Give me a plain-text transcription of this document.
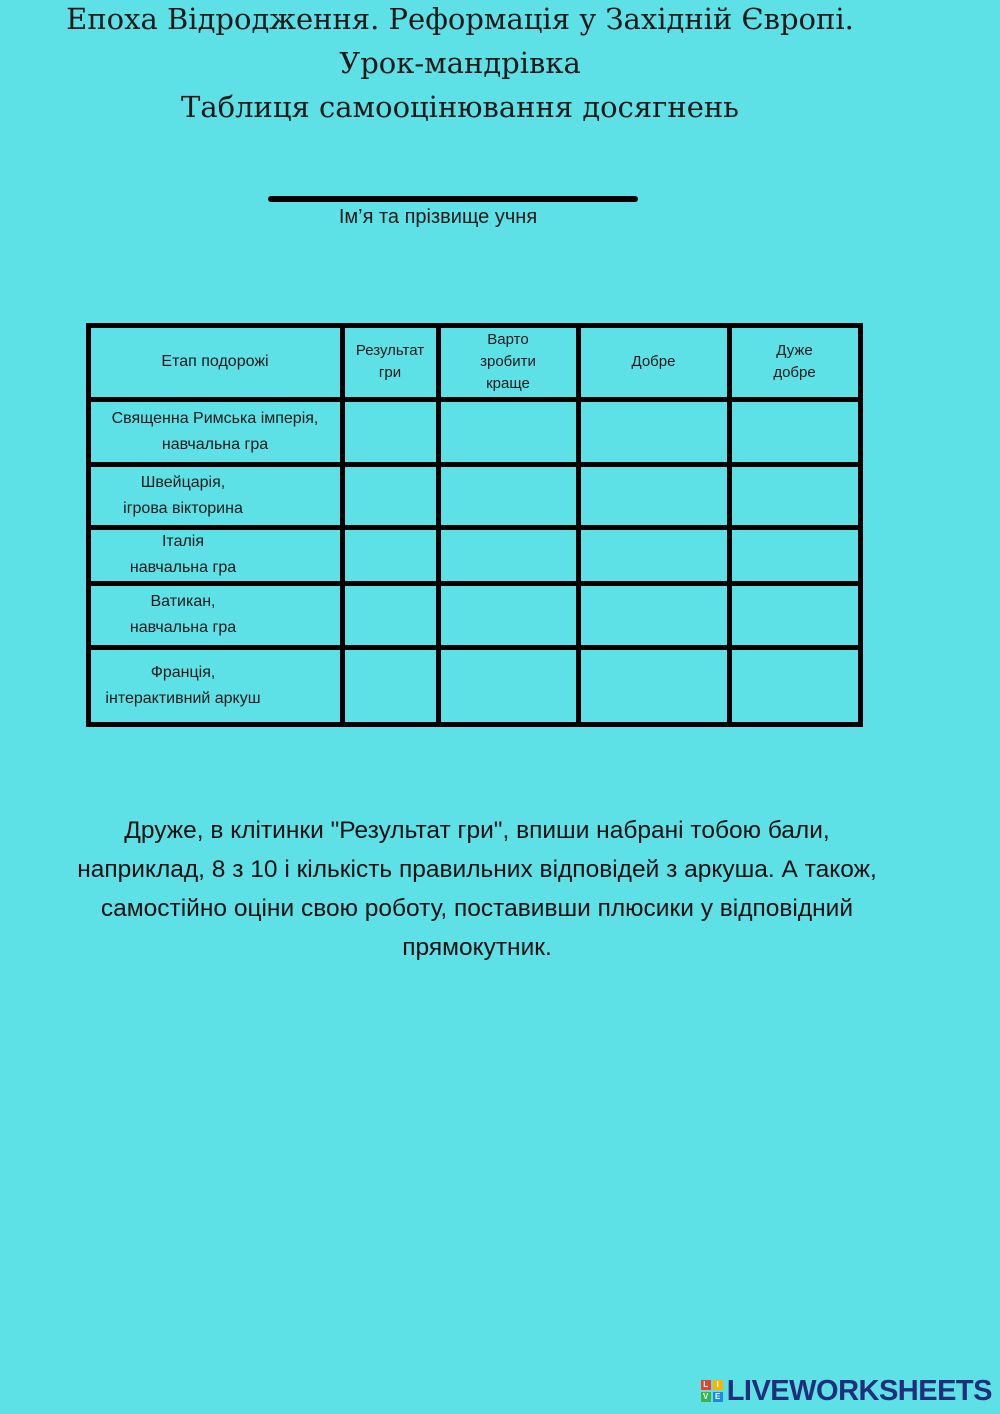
Епоха Відродження. Реформація у Західній Європі.
Урок-мандрівка
Таблиця самооцінювання досягнень
Ім’я та прізвище учня
Етап подорожі
Результат
гри
Варто
зробити
краще
Добре
Дуже
добре
Священна Римська імперія,
навчальна гра
Швейцарія,
ігрова вікторина
Італія
навчальна гра
Ватикан,
навчальна гра
Франція,
інтерактивний аркуш
Друже, в клітинки "Результат гри", впиши набрані тобою бали,
наприклад, 8 з 10 і кількість правильних відповідей з аркуша. А також,
самостійно оціни свою роботу, поставивши плюсики у відповідний
прямокутник.
L	I
V E LIVEWORKSHEETS
